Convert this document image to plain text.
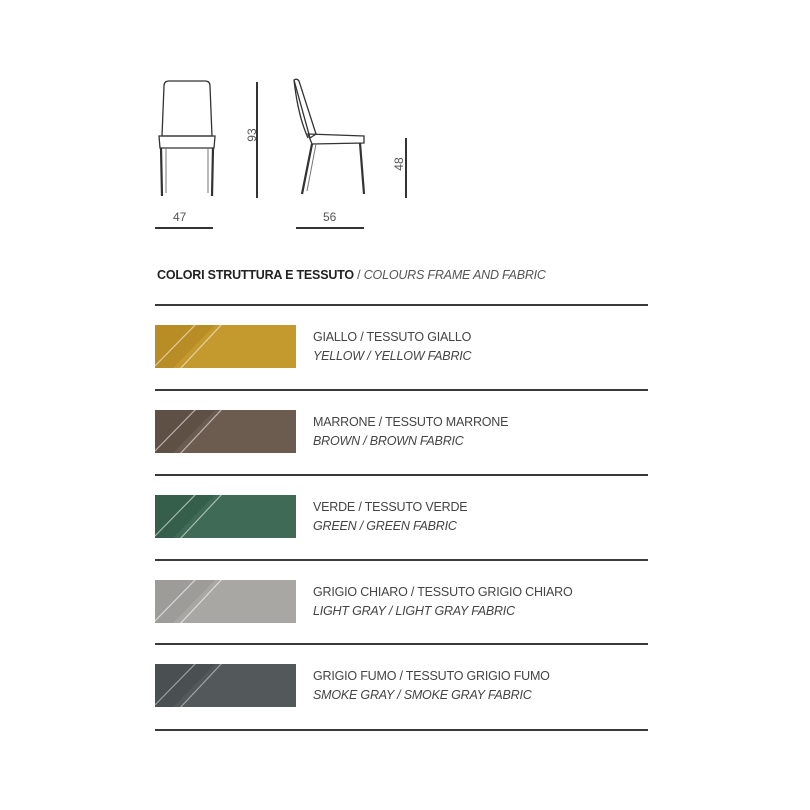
93
47
48
56
COLORI STRUTTURA E TESSUTO / COLOURS FRAME AND FABRIC
GIALLO / TESSUTO GIALLO
YELLOW / YELLOW FABRIC
MARRONE / TESSUTO MARRONE
BROWN / BROWN FABRIC
VERDE / TESSUTO VERDE
GREEN / GREEN FABRIC
GRIGIO CHIARO / TESSUTO GRIGIO CHIARO
LIGHT GRAY / LIGHT GRAY FABRIC
GRIGIO FUMO / TESSUTO GRIGIO FUMO
SMOKE GRAY / SMOKE GRAY FABRIC
